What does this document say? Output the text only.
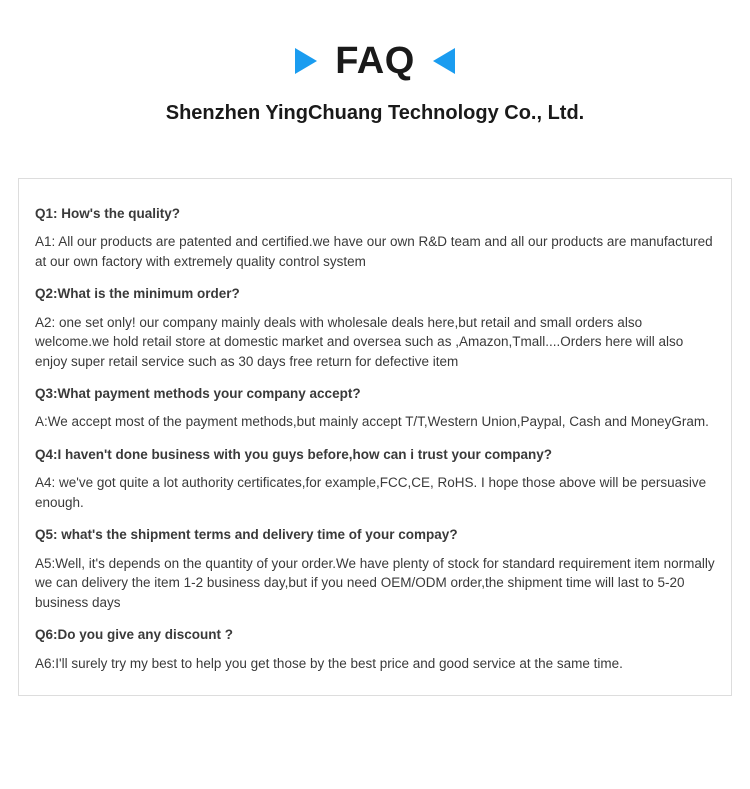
FAQ
Shenzhen YingChuang Technology Co., Ltd.

Q1: How's the quality?

A1: All our products are patented and certified.we have our own R&D team and all our products are manufactured at our own factory with extremely quality control system

Q2:What is the minimum order?

A2: one set only! our company mainly deals with wholesale deals here,but retail and small orders also welcome.we hold retail store at domestic market and oversea such as ,Amazon,Tmall....Orders here will also enjoy super retail service such as 30 days free return for defective item

Q3:What payment methods your company accept?

A:We accept most of the payment methods,but mainly accept T/T,Western Union,Paypal, Cash and MoneyGram.

Q4:I haven't done business with you guys before,how can i trust your company?

A4: we've got quite a lot authority certificates,for example,FCC,CE, RoHS. I hope those above will be persuasive enough.

Q5: what's the shipment terms and delivery time of your compay?

A5:Well, it's depends on the quantity of your order.We have plenty of stock for standard requirement item normally we can delivery the item 1-2 business day,but if you need OEM/ODM order,the shipment time will last to 5-20 business days

Q6:Do you give any discount ?

A6:I'll surely try my best to help you get those by the best price and good service at the same time.
